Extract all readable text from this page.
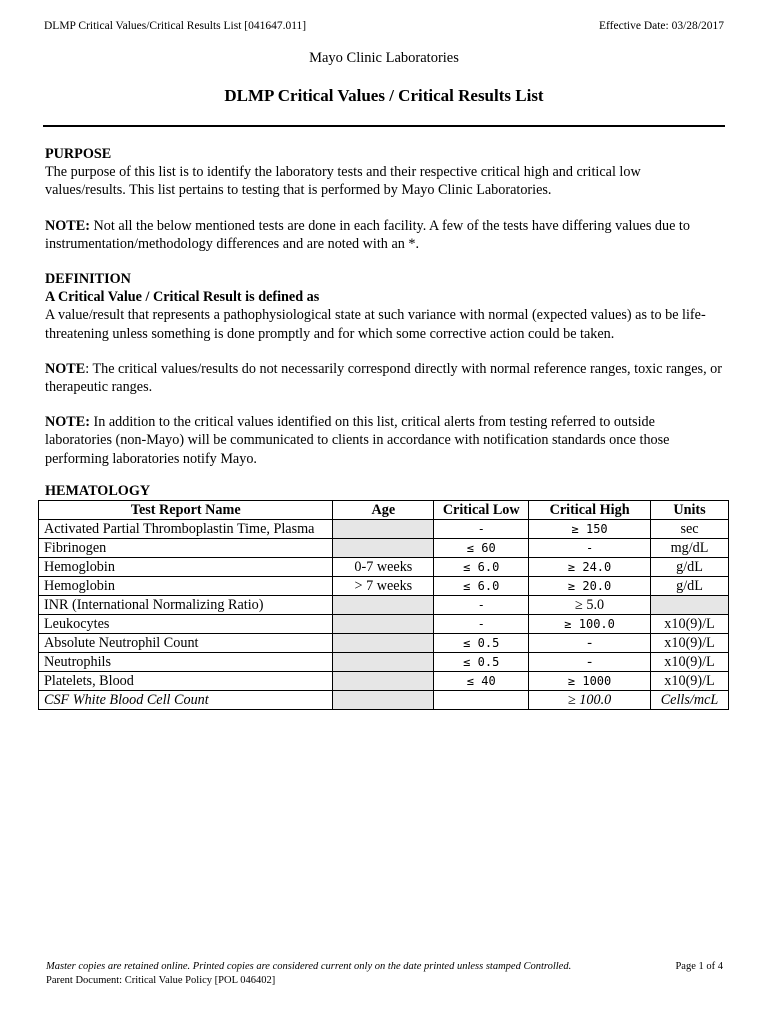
DLMP Critical Values/Critical Results List [041647.011]	Effective Date: 03/28/2017
Mayo Clinic Laboratories
DLMP Critical Values / Critical Results List

PURPOSE

The purpose of this list is to identify the laboratory tests and their respective critical high and critical low values/results. This list pertains to testing that is performed by Mayo Clinic Laboratories.

NOTE: Not all the below mentioned tests are done in each facility. A few of the tests have differing values due to instrumentation/methodology differences and are noted with an *.

DEFINITION

A Critical Value / Critical Result is defined as

A value/result that represents a pathophysiological state at such variance with normal (expected values) as to be life-threatening unless something is done promptly and for which some corrective action could be taken.

NOTE: The critical values/results do not necessarily correspond directly with normal reference ranges, toxic ranges, or therapeutic ranges.

NOTE: In addition to the critical values identified on this list, critical alerts from testing referred to outside laboratories (non-Mayo) will be communicated to clients in accordance with notification standards once those performing laboratories notify Mayo.

HEMATOLOGY

Test Report Name	Age	Critical Low	Critical High	Units
Activated Partial Thromboplastin Time, Plasma		-	≥ 150	sec
Fibrinogen		≤ 60	-	mg/dL
Hemoglobin	0-7 weeks	≤ 6.0	≥ 24.0	g/dL
Hemoglobin	> 7 weeks	≤ 6.0	≥ 20.0	g/dL
INR (International Normalizing Ratio)		-	≥ 5.0	
Leukocytes		-	≥ 100.0	x10(9)/L
Absolute Neutrophil Count		≤ 0.5	-	x10(9)/L
Neutrophils		≤ 0.5	-	x10(9)/L
Platelets, Blood		≤ 40	≥ 1000	x10(9)/L
CSF White Blood Cell Count			≥ 100.0	Cells/mcL
Master copies are retained online. Printed copies are considered current only on the date printed unless stamped Controlled.
Parent Document: Critical Value Policy [POL 046402]
Page 1 of 4
